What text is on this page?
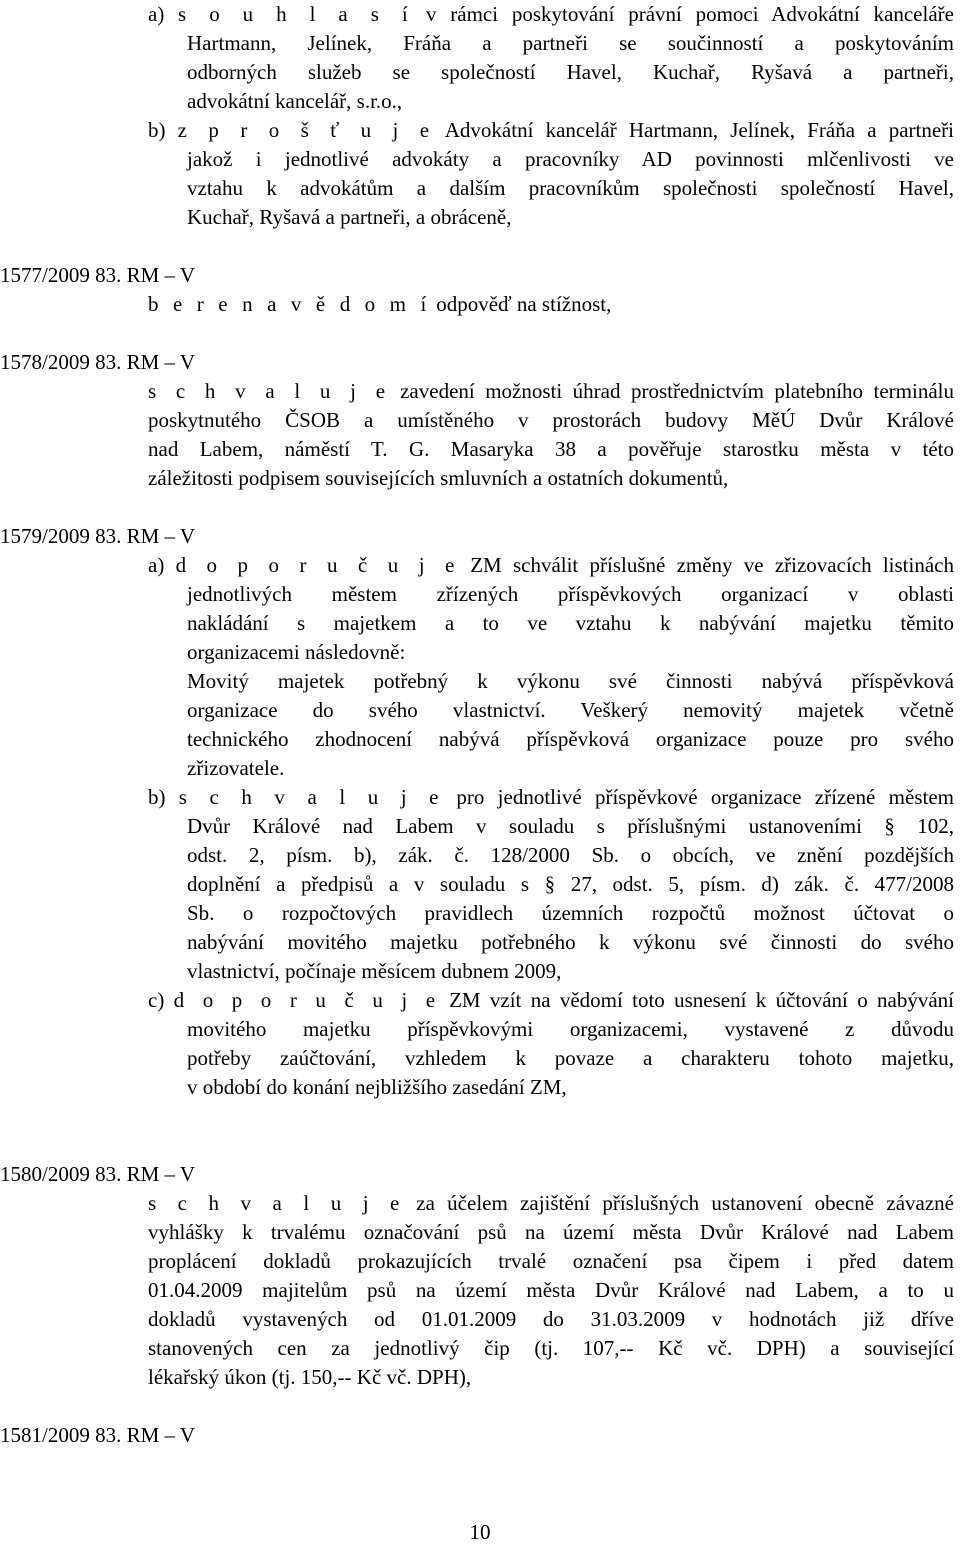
a) s o u h l a s í v rámci poskytování právní pomoci Advokátní kanceláře
Hartmann, Jelínek, Fráňa a partneři se součinností a poskytováním
odborných služeb se společností Havel, Kuchař, Ryšavá a partneři,
advokátní kancelář, s.r.o.,
b) z p r o š ť u j e Advokátní kancelář Hartmann, Jelínek, Fráňa a partneři
jakož i jednotlivé advokáty a pracovníky AD povinnosti mlčenlivosti ve
vztahu k advokátům a dalším pracovníkům společnosti společností Havel,
Kuchař, Ryšavá a partneři, a obráceně,
1577/2009 83. RM – V
b e r e n a v ě d o m í odpověď na stížnost,
1578/2009 83. RM – V
s c h v a l u j e zavedení možnosti úhrad prostřednictvím platebního terminálu
poskytnutého ČSOB a umístěného v prostorách budovy MěÚ Dvůr Králové
nad Labem, náměstí T. G. Masaryka 38 a pověřuje starostku města v této
záležitosti podpisem souvisejících smluvních a ostatních dokumentů,
1579/2009 83. RM – V
a) d o p o r u č u j e ZM schválit příslušné změny ve zřizovacích listinách
jednotlivých městem zřízených příspěvkových organizací v oblasti
nakládání s majetkem a to ve vztahu k nabývání majetku těmito
organizacemi následovně:
Movitý majetek potřebný k výkonu své činnosti nabývá příspěvková
organizace do svého vlastnictví. Veškerý nemovitý majetek včetně
technického zhodnocení nabývá příspěvková organizace pouze pro svého
zřizovatele.
b) s c h v a l u j e pro jednotlivé příspěvkové organizace zřízené městem
Dvůr Králové nad Labem v souladu s příslušnými ustanoveními § 102,
odst. 2, písm. b), zák. č. 128/2000 Sb. o obcích, ve znění pozdějších
doplnění a předpisů a v souladu s § 27, odst. 5, písm. d) zák. č. 477/2008
Sb. o rozpočtových pravidlech územních rozpočtů možnost účtovat o
nabývání movitého majetku potřebného k výkonu své činnosti do svého
vlastnictví, počínaje měsícem dubnem 2009,
c) d o p o r u č u j e ZM vzít na vědomí toto usnesení k účtování o nabývání
movitého majetku příspěvkovými organizacemi, vystavené z důvodu
potřeby zaúčtování, vzhledem k povaze a charakteru tohoto majetku,
v období do konání nejbližšího zasedání ZM,
1580/2009 83. RM – V
s c h v a l u j e za účelem zajištění příslušných ustanovení obecně závazné
vyhlášky k trvalému označování psů na území města Dvůr Králové nad Labem
proplácení dokladů prokazujících trvalé označení psa čipem i před datem
01.04.2009 majitelům psů na území města Dvůr Králové nad Labem, a to u
dokladů vystavených od 01.01.2009 do 31.03.2009 v hodnotách již dříve
stanovených cen za jednotlivý čip (tj. 107,-- Kč vč. DPH) a související
lékařský úkon (tj. 150,-- Kč vč. DPH),
1581/2009 83. RM – V
10
